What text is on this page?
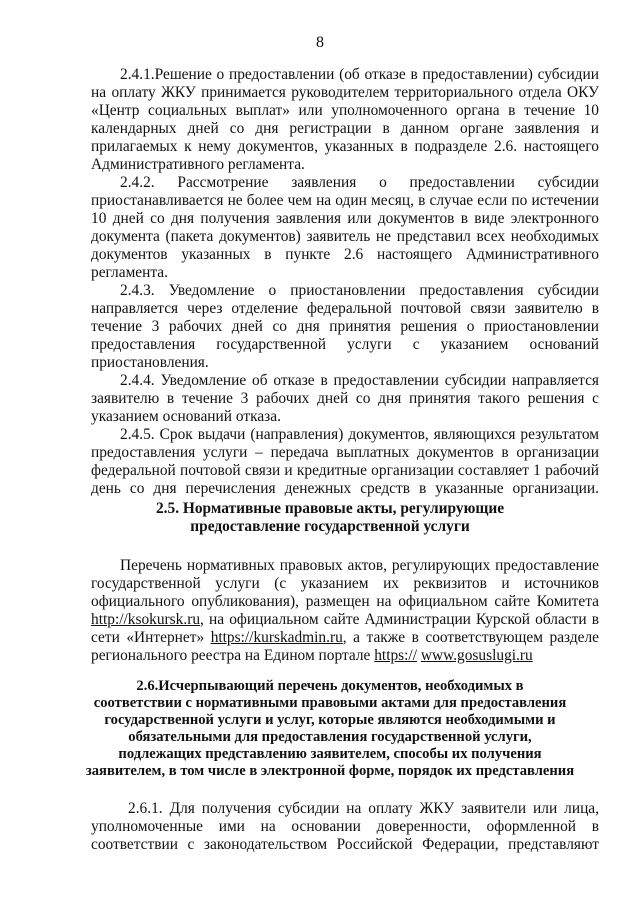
8

2.4.1.Решение о предоставлении (об отказе в предоставлении) субсидии

на оплату ЖКУ принимается руководителем территориального отдела ОКУ

«Центр социальных выплат» или уполномоченного органа в течение 10

календарных дней со дня регистрации в данном органе заявления и

прилагаемых к нему документов, указанных в подразделе 2.6. настоящего

Административного регламента.

2.4.2. Рассмотрение заявления о предоставлении субсидии

приостанавливается не более чем на один месяц, в случае если по истечении

10 дней со дня получения заявления или документов в виде электронного

документа (пакета документов) заявитель не представил всех необходимых

документов указанных в пункте 2.6 настоящего Административного

регламента.

2.4.3. Уведомление о приостановлении предоставления субсидии

направляется через отделение федеральной почтовой связи заявителю в

течение 3 рабочих дней со дня принятия решения о приостановлении

предоставления государственной услуги с указанием оснований

приостановления.

2.4.4. Уведомление об отказе в предоставлении субсидии направляется

заявителю в течение 3 рабочих дней со дня принятия такого решения с

указанием оснований отказа.

2.4.5. Срок выдачи (направления) документов, являющихся результатом

предоставления услуги – передача выплатных документов в организации

федеральной почтовой связи и кредитные организации составляет 1 рабочий

день со дня перечисления денежных средств в указанные организации.

2.5. Нормативные правовые акты, регулирующие

предоставление государственной услуги

Перечень нормативных правовых актов, регулирующих предоставление

государственной услуги (с указанием их реквизитов и источников

официального опубликования), размещен на официальном сайте Комитета

http://ksokursk.ru, на официальном сайте Администрации Курской области в

сети «Интернет» https://kurskadmin.ru, а также в соответствующем разделе

регионального реестра на Едином портале https:// www.gosuslugi.ru

2.6.Исчерпывающий перечень документов, необходимых в

соответствии с нормативными правовыми актами для предоставления

государственной услуги и услуг, которые являются необходимыми и

обязательными для предоставления государственной услуги,

подлежащих представлению заявителем, способы их получения

заявителем, в том числе в электронной форме, порядок их представления

2.6.1. Для получения субсидии на оплату ЖКУ заявители или лица,

уполномоченные ими на основании доверенности, оформленной в

соответствии с законодательством Российской Федерации, представляют
